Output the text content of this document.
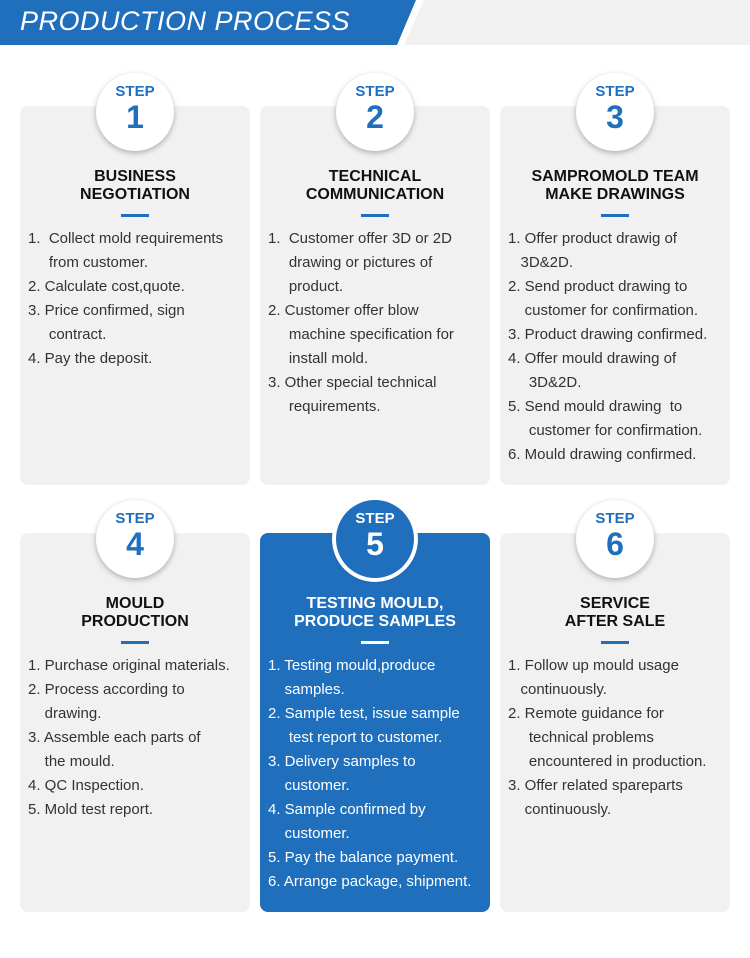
PRODUCTION PROCESS
BUSINESS
NEGOTIATION
1.  Collect mold requirements
from customer.
2. Calculate cost,quote.
3. Price confirmed, sign
contract.
4. Pay the deposit.
STEP
1
TECHNICAL
COMMUNICATION
1.  Customer offer 3D or 2D
drawing or pictures of
product.
2. Customer offer blow
machine specification for
install mold.
3. Other special technical
requirements.
STEP
2
SAMPROMOLD TEAM
MAKE DRAWINGS
1. Offer product drawig of
3D&2D.
2. Send product drawing to
customer for confirmation.
3. Product drawing confirmed.
4. Offer mould drawing of
3D&2D.
5. Send mould drawing  to
customer for confirmation.
6. Mould drawing confirmed.
STEP
3
MOULD
PRODUCTION
1. Purchase original materials.
2. Process according to
drawing.
3. Assemble each parts of
the mould.
4. QC Inspection.
5. Mold test report.
STEP
4
TESTING MOULD,
PRODUCE SAMPLES
1. Testing mould,produce
samples.
2. Sample test, issue sample
test report to customer.
3. Delivery samples to
customer.
4. Sample confirmed by
customer.
5. Pay the balance payment.
6. Arrange package, shipment.
STEP
5
SERVICE
AFTER SALE
1. Follow up mould usage
continuously.
2. Remote guidance for
technical problems
encountered in production.
3. Offer related spareparts
continuously.
STEP
6
